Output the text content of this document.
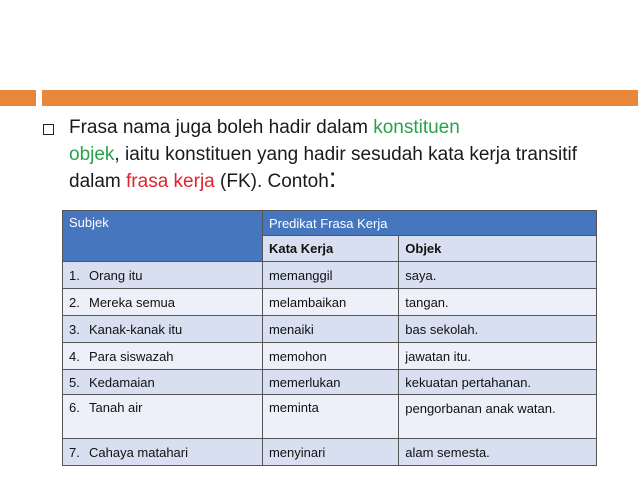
Frasa nama juga boleh hadir dalam konstituen
objek, iaitu konstituen yang hadir sesudah kata kerja transitif dalam frasa kerja (FK). Contoh:
Subjek	Predikat Frasa Kerja	
	Kata Kerja	Objek
1. Orang itu	memanggil	saya.
2. Mereka semua	melambaikan	tangan.
3. Kanak-kanak itu	menaiki	bas sekolah.
4. Para siswazah	memohon	jawatan itu.
5. Kedamaian	memerlukan	kekuatan pertahanan.
6. Tanah air	meminta	pengorbanan anak watan.
7. Cahaya matahari	menyinari	alam semesta.
